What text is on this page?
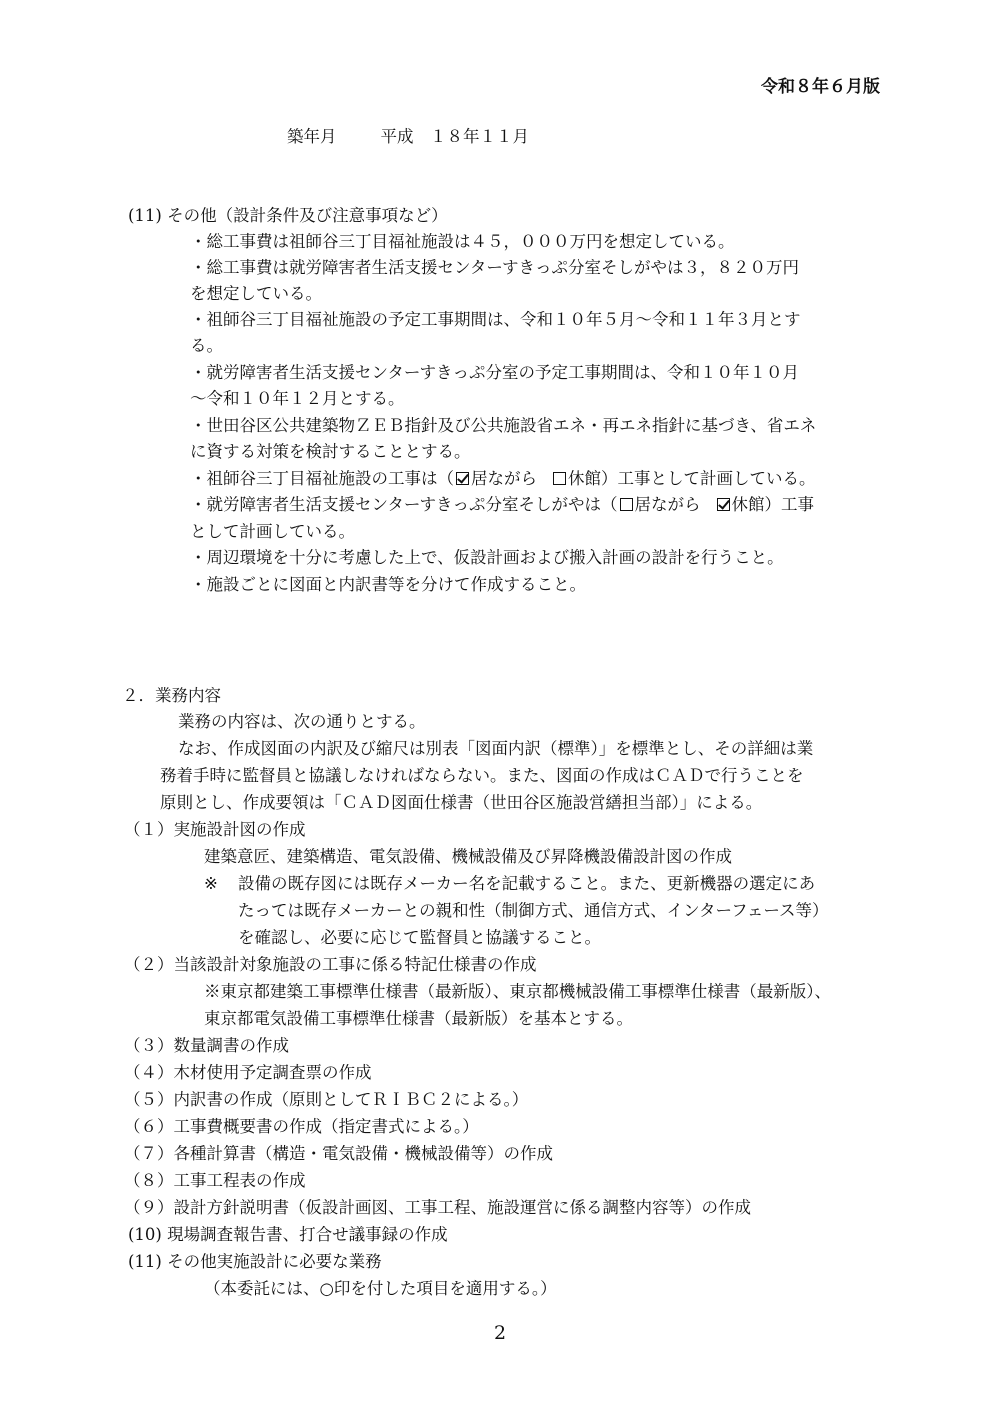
令和８年６月版
築年月	平成　１８年１１月
(11) その他（設計条件及び注意事項など）
・総工事費は祖師谷三丁目福祉施設は４５，０００万円を想定している。
・総工事費は就労障害者生活支援センターすきっぷ分室そしがやは３，８２０万円
を想定している。
・祖師谷三丁目福祉施設の予定工事期間は、令和１０年５月～令和１１年３月とす
る。
・就労障害者生活支援センターすきっぷ分室の予定工事期間は、令和１０年１０月
～令和１０年１２月とする。
・世田谷区公共建築物ＺＥＢ指針及び公共施設省エネ・再エネ指針に基づき、省エネ
に資する対策を検討することとする。
・祖師谷三丁目福祉施設の工事は（ 居ながら 休館）工事として計画している。
・就労障害者生活支援センターすきっぷ分室そしがやは（ 居ながら 休館）工事
として計画している。
・周辺環境を十分に考慮した上で、仮設計画および搬入計画の設計を行うこと。
・施設ごとに図面と内訳書等を分けて作成すること。
２．業務内容
業務の内容は、次の通りとする。
なお、作成図面の内訳及び縮尺は別表「図面内訳（標準）」を標準とし、その詳細は業
務着手時に監督員と協議しなければならない。また、図面の作成はＣＡＤで行うことを
原則とし、作成要領は「ＣＡＤ図面仕様書（世田谷区施設営繕担当部）」による。
（１）実施設計図の作成
建築意匠、建築構造、電気設備、機械設備及び昇降機設備設計図の作成
※ 設備の既存図には既存メーカー名を記載すること。また、更新機器の選定にあ
たっては既存メーカーとの親和性（制御方式、通信方式、インターフェース等）
を確認し、必要に応じて監督員と協議すること。
（２）当該設計対象施設の工事に係る特記仕様書の作成
※東京都建築工事標準仕様書（最新版）、東京都機械設備工事標準仕様書（最新版）、
東京都電気設備工事標準仕様書（最新版）を基本とする。
（３）数量調書の作成
（４）木材使用予定調査票の作成
（５）内訳書の作成（原則としてＲＩＢＣ２による。）
（６）工事費概要書の作成（指定書式による。）
（７）各種計算書（構造・電気設備・機械設備等）の作成
（８）工事工程表の作成
（９）設計方針説明書（仮設計画図、工事工程、施設運営に係る調整内容等）の作成
(10) 現場調査報告書、打合せ議事録の作成
(11) その他実施設計に必要な業務
（本委託には、○印を付した項目を適用する。）
2
